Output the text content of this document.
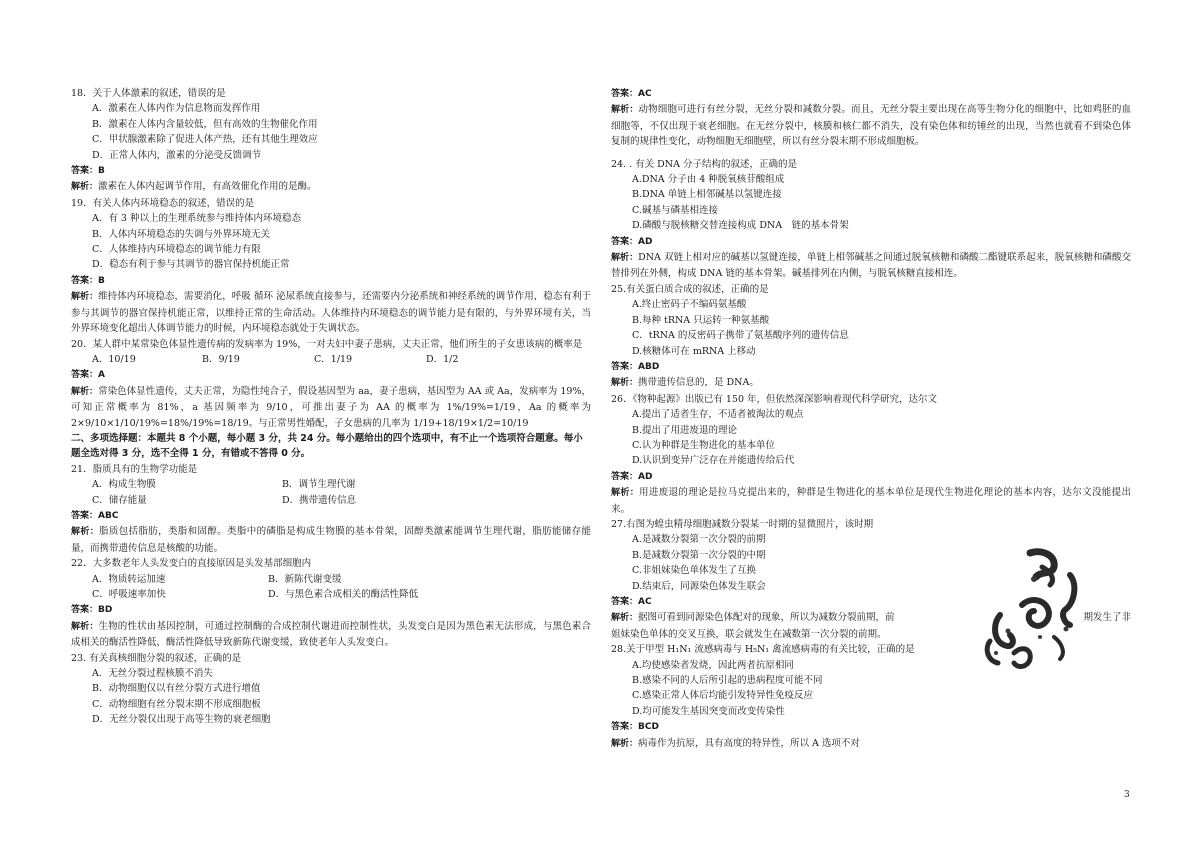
18．关于人体激素的叙述，错误的是

A．激素在人体内作为信息物而发挥作用

B．激素在人体内含量较低，但有高效的生物催化作用

C．甲状腺激素除了促进人体产热，还有其他生理效应

D．正常人体内，激素的分泌受反馈调节

答案：B

解析：激素在人体内起调节作用，有高效催化作用的是酶。

19．有关人体内环境稳态的叙述，错误的是

A．有 3 种以上的生理系统参与维持体内环境稳态

B．人体内环境稳态的失调与外界环境无关

C．人体维持内环境稳态的调节能力有限

D．稳态有利于参与其调节的器官保持机能正常

答案：B

解析：维持体内环境稳态，需要消化，呼吸 循环 泌尿系统直接参与，还需要内分泌系统和神经系统的调节作用，稳态有利于参与其调节的器官保持机能正常，以维持正常的生命活动。人体维持内环境稳态的调节能力是有限的，与外界环境有关，当外界环境变化超出人体调节能力的时候，内环境稳态就处于失调状态。

20．某人群中某常染色体显性遗传病的发病率为 19%，一对夫妇中妻子患病，丈夫正常，他们所生的子女患该病的概率是

A．10/19	B．9/19	C．1/19	D．1/2

答案：A

解析：常染色体显性遗传，丈夫正常，为隐性纯合子，假设基因型为 aa，妻子患病，基因型为 AA 或 Aa，发病率为 19%，可知正常概率为 81%，a 基因频率为 9/10，可推出妻子为 AA 的概率为 1%/19%=1/19，Aa 的概率为 2×9/10×1/10/19%=18%/19%=18/19。与正常男性婚配，子女患病的几率为 1/19+18/19×1/2=10/19

二、多项选择题：本题共 8 个小题，每小题 3 分，共 24 分。每小题给出的四个选项中，有不止一个选项符合题意。每小题全选对得 3 分，选不全得 1 分，有错或不答得 0 分。

21．脂质具有的生物学功能是

A．构成生物膜	B．调节生理代谢
C．储存能量	D．携带遗传信息

答案：ABC

解析：脂质包括脂肪，类脂和固醇。类脂中的磷脂是构成生物膜的基本骨架，固醇类激素能调节生理代谢，脂肪能储存能量，而携带遗传信息是核酸的功能。

22．大多数老年人头发变白的直接原因是头发基部细胞内

A．物质转运加速	B．新陈代谢变缓
C．呼吸速率加快	D．与黑色素合成相关的酶活性降低

答案：BD

解析：生物的性状由基因控制，可通过控制酶的合成控制代谢进而控制性状，头发变白是因为黑色素无法形成，与黑色素合成相关的酶活性降低，酶活性降低导致新陈代谢变缓，致使老年人头发变白。

23. 有关真核细胞分裂的叙述，正确的是

A．无丝分裂过程核膜不消失

B．动物细胞仅以有丝分裂方式进行增值

C．动物细胞有丝分裂末期不形成细胞板

D．无丝分裂仅出现于高等生物的衰老细胞

答案：AC

解析：动物细胞可进行有丝分裂，无丝分裂和减数分裂。而且，无丝分裂主要出现在高等生物分化的细胞中，比如鸡胚的血细胞等，不仅出现于衰老细胞。在无丝分裂中，核膜和核仁都不消失，没有染色体和纺锤丝的出现，当然也就看不到染色体复制的规律性变化，动物细胞无细胞壁，所以有丝分裂末期不形成细胞板。

24. . 有关 DNA 分子结构的叙述，正确的是

A.DNA 分子由 4 种脱氧核苷酸组成

B.DNA 单链上相邻碱基以氢键连接

C.碱基与磷基相连接

D.磷酸与脱核糖交替连接构成 DNA　链的基本骨架

答案：AD

解析：DNA 双链上相对应的碱基以氢键连接，单链上相邻碱基之间通过脱氧核糖和磷酸二酯键联系起来，脱氧核糖和磷酸交替排列在外侧，构成 DNA 链的基本骨架。碱基排列在内侧，与脱氧核糖直接相连。

25.有关蛋白质合成的叙述，正确的是

A.终止密码子不编码氨基酸

B.每种 tRNA 只运转一种氨基酸

C．tRNA 的反密码子携带了氨基酸序列的遗传信息

D.核糖体可在 mRNA 上移动

答案：ABD

解析：携带遗传信息的，是 DNA。

26．《物种起源》出版已有 150 年，但依然深深影响着现代科学研究，达尔文

A.提出了适者生存，不适者被淘汰的观点

B.提出了用进废退的理论

C.认为种群是生物进化的基本单位

D.认识到变异广泛存在并能遗传给后代

答案：AD

解析：用进废退的理论是拉马克提出来的，种群是生物进化的基本单位是现代生物进化理论的基本内容，达尔文没能提出来。

27.右图为蝗虫精母细胞减数分裂某一时期的显微照片，该时期

A.是减数分裂第一次分裂的前期

B.是减数分裂第一次分裂的中期

C.非姐妹染色单体发生了互换

D.结束后，同源染色体发生联会

答案：AC

解析：据图可看到同源染色体配对的现象，所以为减数分裂前期，前	期发生了非

姐妹染色单体的交叉互换，联会就发生在减数第一次分裂的前期。

28.关于甲型 H₁N₁ 流感病毒与 H₅N₁ 禽流感病毒的有关比较，正确的是

A.均使感染者发烧，因此两者抗原相同

B.感染不同的人后所引起的患病程度可能不同

C.感染正常人体后均能引发特异性免疫反应

D.均可能发生基因突变而改变传染性

答案：BCD

解析：病毒作为抗原，具有高度的特异性，所以 A 选项不对

3
